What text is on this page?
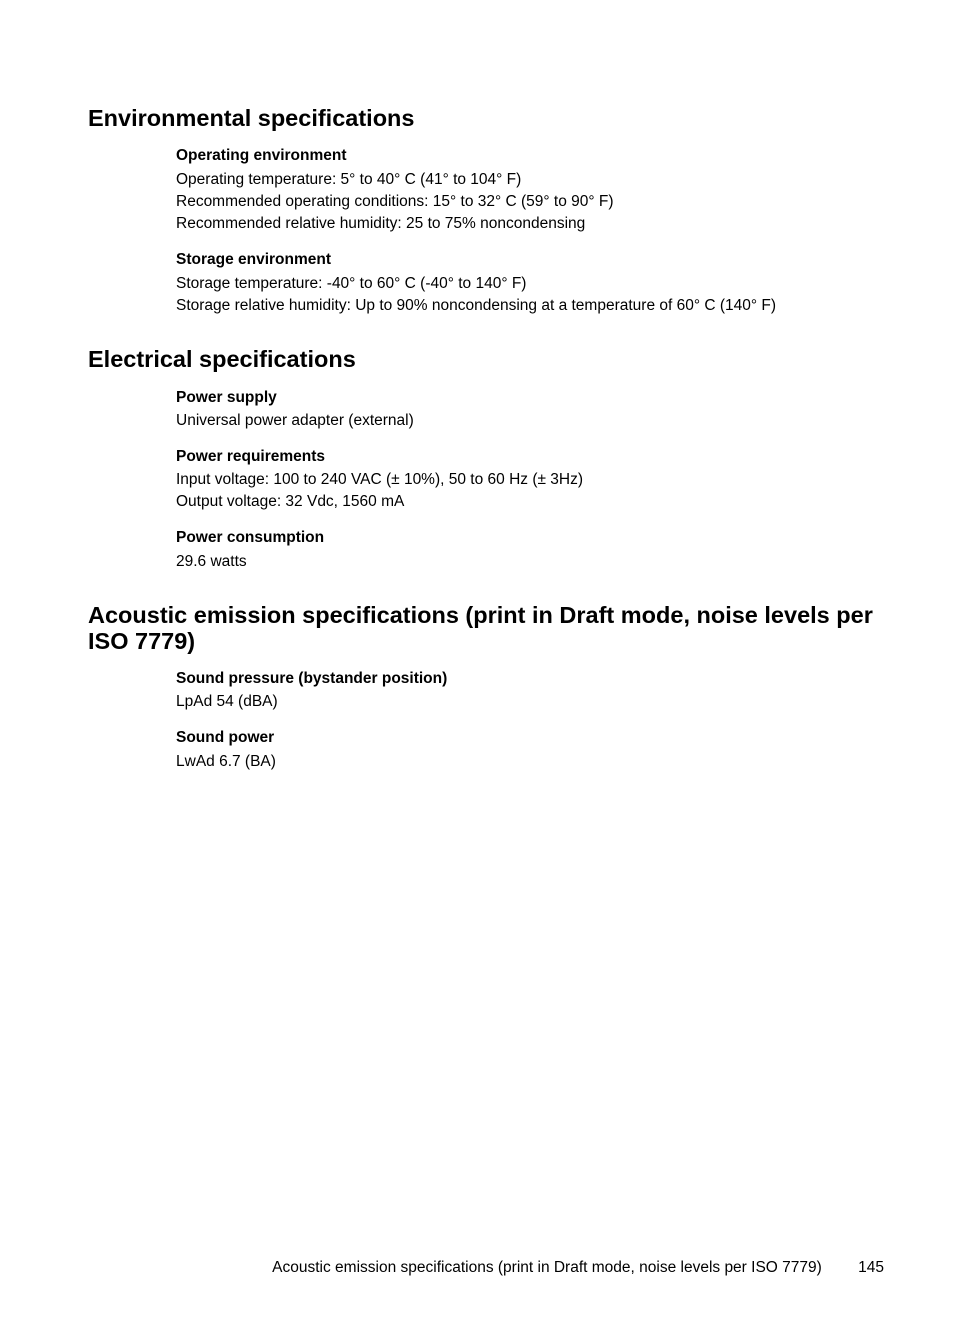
Environmental specifications

Operating environment

Operating temperature: 5° to 40° C (41° to 104° F)

Recommended operating conditions: 15° to 32° C (59° to 90° F)

Recommended relative humidity: 25 to 75% noncondensing

Storage environment

Storage temperature: -40° to 60° C (-40° to 140° F)

Storage relative humidity: Up to 90% noncondensing at a temperature of 60° C (140° F)

Electrical specifications

Power supply

Universal power adapter (external)

Power requirements

Input voltage: 100 to 240 VAC (± 10%), 50 to 60 Hz (± 3Hz)

Output voltage: 32 Vdc, 1560 mA

Power consumption

29.6 watts

Acoustic emission specifications (print in Draft mode, noise levels per ISO 7779)

Sound pressure (bystander position)

LpAd 54 (dBA)

Sound power

LwAd 6.7 (BA)

Acoustic emission specifications (print in Draft mode, noise levels per ISO 7779) 145
